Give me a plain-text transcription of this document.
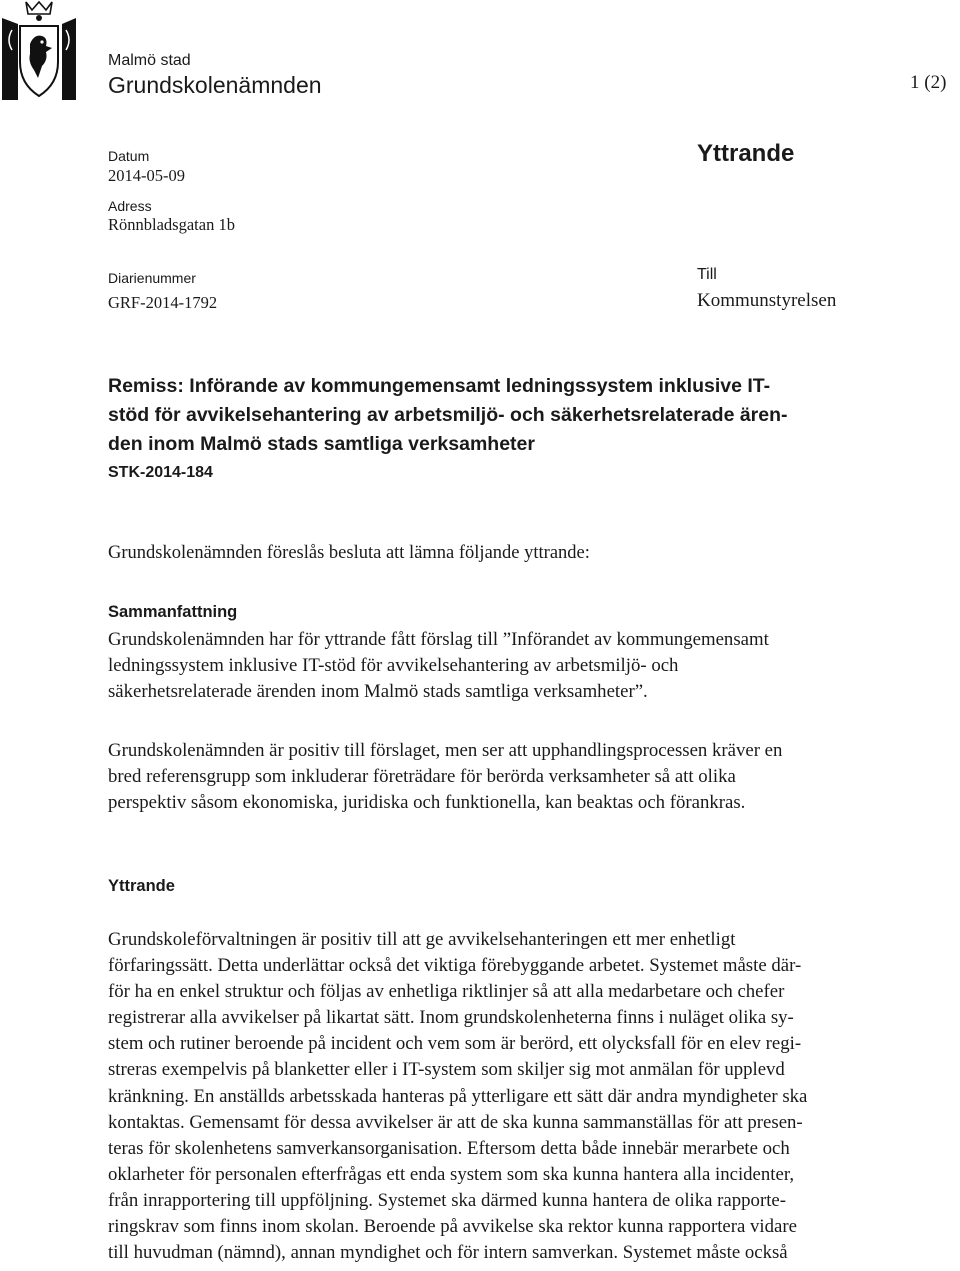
Malmö stad
Grundskolenämnden	1 (2)
Datum
2014-05-09
Adress
Rönnbladsgatan 1b
Diarienummer
GRF-2014-1792
Yttrande
Till
Kommunstyrelsen
Remiss: Införande av kommungemensamt ledningssystem inklusive IT-
stöd för avvikelsehantering av arbetsmiljö- och säkerhetsrelaterade ären-
den inom Malmö stads samtliga verksamheter
STK-2014-184
Grundskolenämnden föreslås besluta att lämna följande yttrande:
Sammanfattning
Grundskolenämnden har för yttrande fått förslag till ”Införandet av kommungemensamt
ledningssystem inklusive IT-stöd för avvikelsehantering av arbetsmiljö- och
säkerhetsrelaterade ärenden inom Malmö stads samtliga verksamheter”.
Grundskolenämnden är positiv till förslaget, men ser att upphandlingsprocessen kräver en
bred referensgrupp som inkluderar företrädare för berörda verksamheter så att olika
perspektiv såsom ekonomiska, juridiska och funktionella, kan beaktas och förankras.
Yttrande
Grundskoleförvaltningen är positiv till att ge avvikelsehanteringen ett mer enhetligt
förfaringssätt. Detta underlättar också det viktiga förebyggande arbetet. Systemet måste där-
för ha en enkel struktur och följas av enhetliga riktlinjer så att alla medarbetare och chefer
registrerar alla avvikelser på likartat sätt. Inom grundskolenheterna finns i nuläget olika sy-
stem och rutiner beroende på incident och vem som är berörd, ett olycksfall för en elev regi-
streras exempelvis på blanketter eller i IT-system som skiljer sig mot anmälan för upplevd
kränkning. En anställds arbetsskada hanteras på ytterligare ett sätt där andra myndigheter ska
kontaktas. Gemensamt för dessa avvikelser är att de ska kunna sammanställas för att presen-
teras för skolenhetens samverkansorganisation. Eftersom detta både innebär merarbete och
oklarheter för personalen efterfrågas ett enda system som ska kunna hantera alla incidenter,
från inrapportering till uppföljning. Systemet ska därmed kunna hantera de olika rapporte-
ringskrav som finns inom skolan. Beroende på avvikelse ska rektor kunna rapportera vidare
till huvudman (nämnd), annan myndighet och för intern samverkan. Systemet måste också
